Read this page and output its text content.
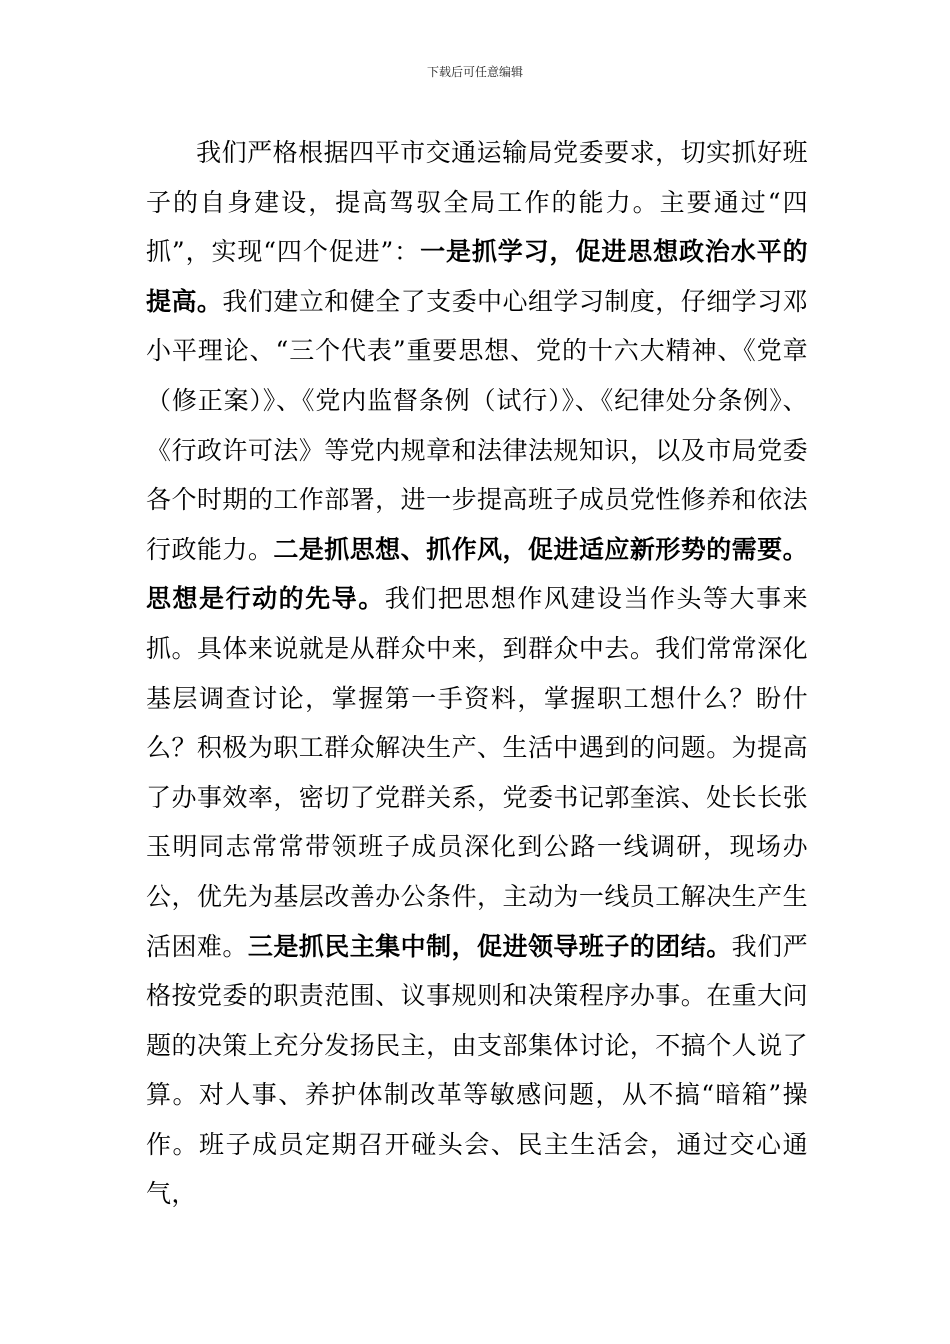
下载后可任意编辑

我们严格根据四平市交通运输局党委要求，切实抓好班子的自身建设，提高驾驭全局工作的能力。主要通过“四抓”，实现“四个促进”：一是抓学习，促进思想政治水平的提高。我们建立和健全了支委中心组学习制度，仔细学习邓小平理论、“三个代表”重要思想、党的十六大精神、《党章（修正案）》、《党内监督条例（试行）》、《纪律处分条例》、《行政许可法》等党内规章和法律法规知识，以及市局党委各个时期的工作部署，进一步提高班子成员党性修养和依法行政能力。二是抓思想、抓作风，促进适应新形势的需要。思想是行动的先导。我们把思想作风建设当作头等大事来抓。具体来说就是从群众中来，到群众中去。我们常常深化基层调查讨论，掌握第一手资料，掌握职工想什么？盼什么？积极为职工群众解决生产、生活中遇到的问题。为提高了办事效率，密切了党群关系，党委书记郭奎滨、处长长张玉明同志常常带领班子成员深化到公路一线调研，现场办公，优先为基层改善办公条件，主动为一线员工解决生产生活困难。三是抓民主集中制，促进领导班子的团结。我们严格按党委的职责范围、议事规则和决策程序办事。在重大问题的决策上充分发扬民主，由支部集体讨论，不搞个人说了算。对人事、养护体制改革等敏感问题，从不搞“暗箱”操作。班子成员定期召开碰头会、民主生活会，通过交心通气，
